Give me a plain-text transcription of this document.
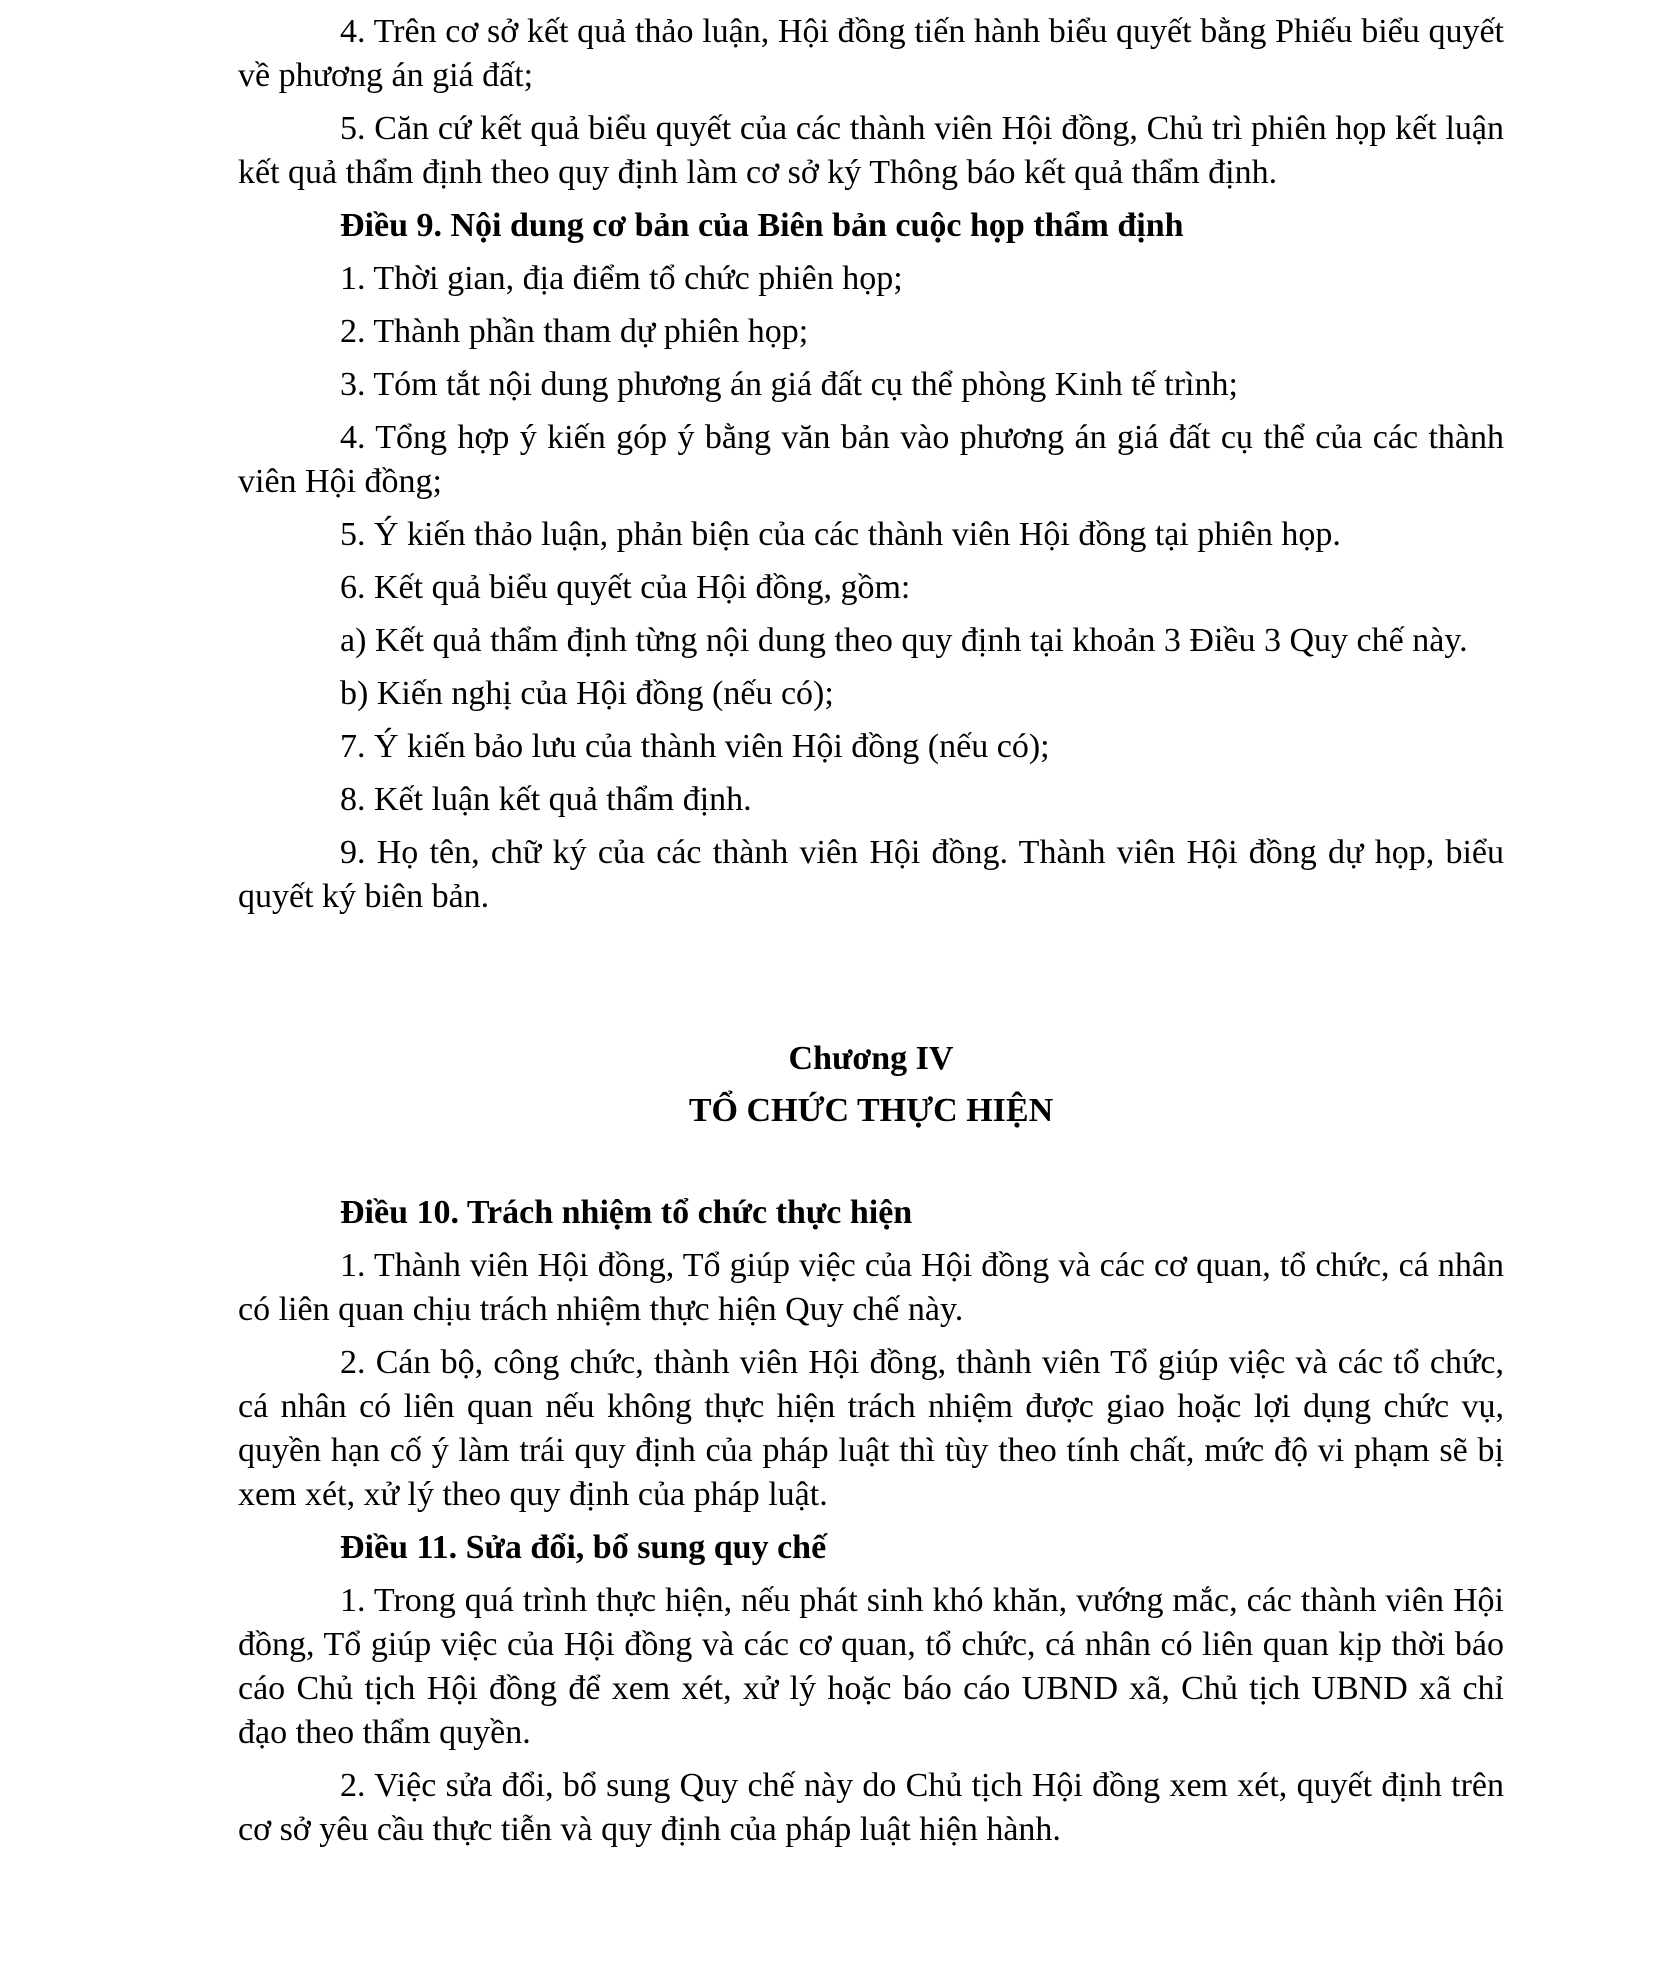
4. Trên cơ sở kết quả thảo luận, Hội đồng tiến hành biểu quyết bằng Phiếu biểu quyết về phương án giá đất;

5. Căn cứ kết quả biểu quyết của các thành viên Hội đồng, Chủ trì phiên họp kết luận kết quả thẩm định theo quy định làm cơ sở ký Thông báo kết quả thẩm định.

Điều 9. Nội dung cơ bản của Biên bản cuộc họp thẩm định

1. Thời gian, địa điểm tổ chức phiên họp;

2. Thành phần tham dự phiên họp;

3. Tóm tắt nội dung phương án giá đất cụ thể phòng Kinh tế trình;

4. Tổng hợp ý kiến góp ý bằng văn bản vào phương án giá đất cụ thể của các thành viên Hội đồng;

5. Ý kiến thảo luận, phản biện của các thành viên Hội đồng tại phiên họp.

6. Kết quả biểu quyết của Hội đồng, gồm:

a) Kết quả thẩm định từng nội dung theo quy định tại khoản 3 Điều 3 Quy chế này.

b) Kiến nghị của Hội đồng (nếu có);

7. Ý kiến bảo lưu của thành viên Hội đồng (nếu có);

8. Kết luận kết quả thẩm định.

9. Họ tên, chữ ký của các thành viên Hội đồng. Thành viên Hội đồng dự họp, biểu quyết ký biên bản.

Chương IV

TỔ CHỨC THỰC HIỆN

Điều 10. Trách nhiệm tổ chức thực hiện

1. Thành viên Hội đồng, Tổ giúp việc của Hội đồng và các cơ quan, tổ chức, cá nhân có liên quan chịu trách nhiệm thực hiện Quy chế này.

2. Cán bộ, công chức, thành viên Hội đồng, thành viên Tổ giúp việc và các tổ chức, cá nhân có liên quan nếu không thực hiện trách nhiệm được giao hoặc lợi dụng chức vụ, quyền hạn cố ý làm trái quy định của pháp luật thì tùy theo tính chất, mức độ vi phạm sẽ bị xem xét, xử lý theo quy định của pháp luật.

Điều 11. Sửa đổi, bổ sung quy chế

1. Trong quá trình thực hiện, nếu phát sinh khó khăn, vướng mắc, các thành viên Hội đồng, Tổ giúp việc của Hội đồng và các cơ quan, tổ chức, cá nhân có liên quan kịp thời báo cáo Chủ tịch Hội đồng để xem xét, xử lý hoặc báo cáo UBND xã, Chủ tịch UBND xã chỉ đạo theo thẩm quyền.

2. Việc sửa đổi, bổ sung Quy chế này do Chủ tịch Hội đồng xem xét, quyết định trên cơ sở yêu cầu thực tiễn và quy định của pháp luật hiện hành.
